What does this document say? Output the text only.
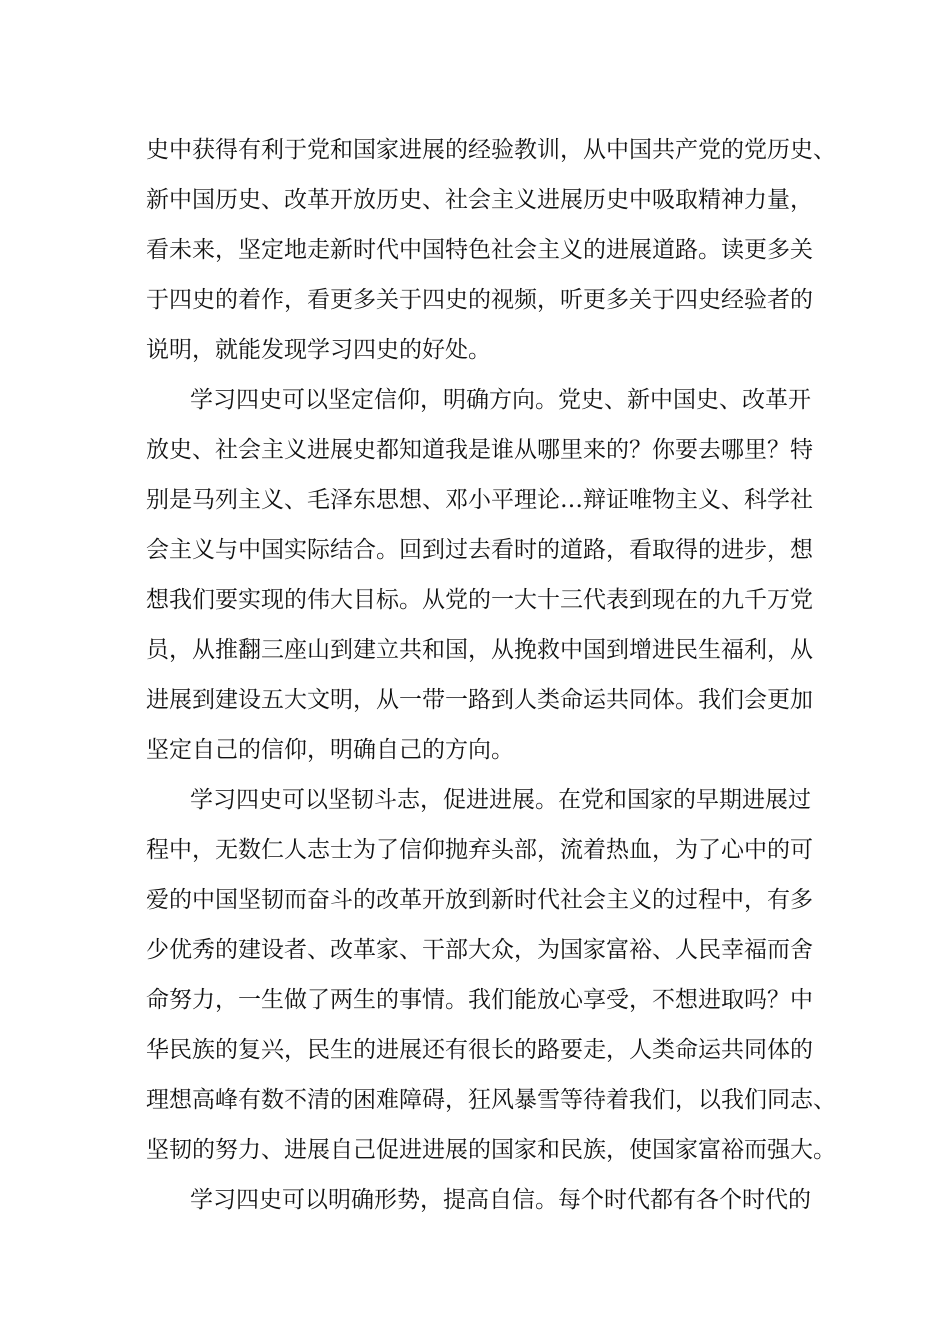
史中获得有利于党和国家进展的经验教训，从中国共产党的党历史、
新中国历史、改革开放历史、社会主义进展历史中吸取精神力量，
看未来，坚定地走新时代中国特色社会主义的进展道路。读更多关
于四史的着作，看更多关于四史的视频，听更多关于四史经验者的
说明，就能发现学习四史的好处。
学习四史可以坚定信仰，明确方向。党史、新中国史、改革开
放史、社会主义进展史都知道我是谁从哪里来的？你要去哪里？特
别是马列主义、毛泽东思想、邓小平理论…辩证唯物主义、科学社
会主义与中国实际结合。回到过去看时的道路，看取得的进步，想
想我们要实现的伟大目标。从党的一大十三代表到现在的九千万党
员，从推翻三座山到建立共和国，从挽救中国到增进民生福利，从
进展到建设五大文明，从一带一路到人类命运共同体。我们会更加
坚定自己的信仰，明确自己的方向。
学习四史可以坚韧斗志，促进进展。在党和国家的早期进展过
程中，无数仁人志士为了信仰抛弃头部，流着热血，为了心中的可
爱的中国坚韧而奋斗的改革开放到新时代社会主义的过程中，有多
少优秀的建设者、改革家、干部大众，为国家富裕、人民幸福而舍
命努力，一生做了两生的事情。我们能放心享受，不想进取吗？中
华民族的复兴，民生的进展还有很长的路要走，人类命运共同体的
理想高峰有数不清的困难障碍，狂风暴雪等待着我们，以我们同志、
坚韧的努力、进展自己促进进展的国家和民族，使国家富裕而强大。
学习四史可以明确形势，提高自信。每个时代都有各个时代的
